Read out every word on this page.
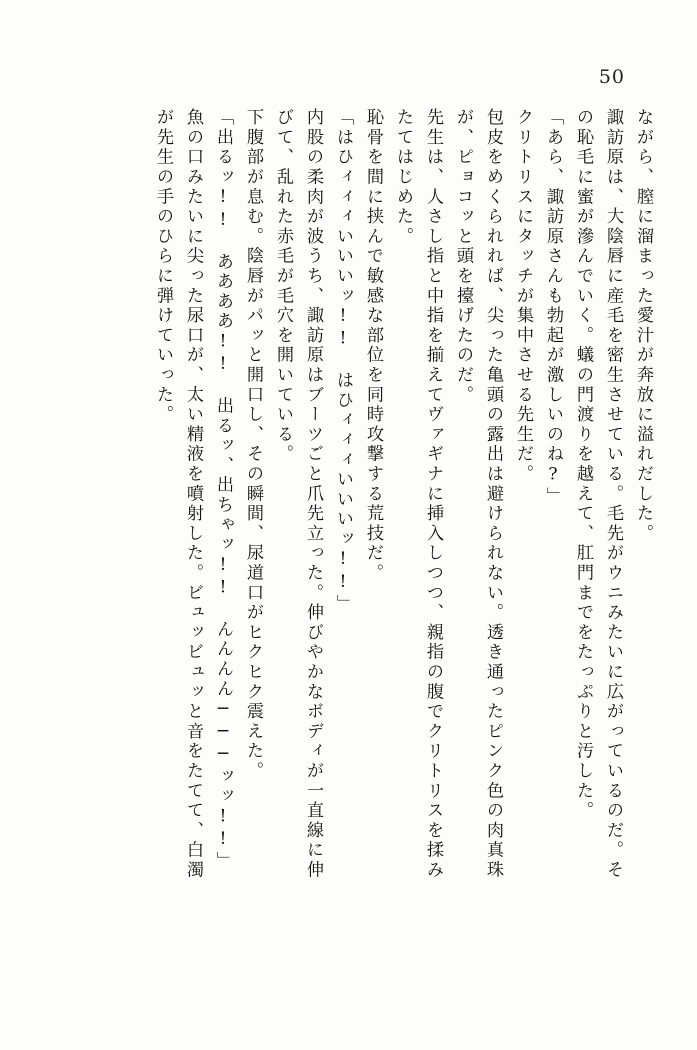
50
ながら、膣に溜まった愛汁が奔放に溢れだした。
諏訪原は、大陰唇に産毛を密生させている。毛先がウニみたいに広がっているのだ。そ
の恥毛に蜜が滲んでいく。蟻の門渡りを越えて、肛門までをたっぷりと汚した。
「あら、諏訪原さんも勃起が激しいのね?」
クリトリスにタッチが集中させる先生だ。
包皮をめくられれば、尖った亀頭の露出は避けられない。透き通ったピンク色の肉真珠
が、ピョコッと頭を擡げたのだ。
先生は、人さし指と中指を揃えてヴァギナに挿入しつつ、親指の腹でクリトリスを揉み
たてはじめた。
恥骨を間に挟んで敏感な部位を同時攻撃する荒技だ。
「はひィィィいいいッ!!　はひィィィいいいッ!!」
内股の柔肉が波うち、諏訪原はブーツごと爪先立った。伸びやかなボディが一直線に伸
びて、乱れた赤毛が毛穴を開いている。
下腹部が息む。陰唇がパッと開口し、その瞬間、尿道口がヒクヒク震えた。
「出るッ!!　ああああ!!　出るッ、出ちゃッ!!　んんんん───ッッ!!」
魚の口みたいに尖った尿口が、太い精液を噴射した。ビュッビュッと音をたてて、白濁
が先生の手のひらに弾けていった。
